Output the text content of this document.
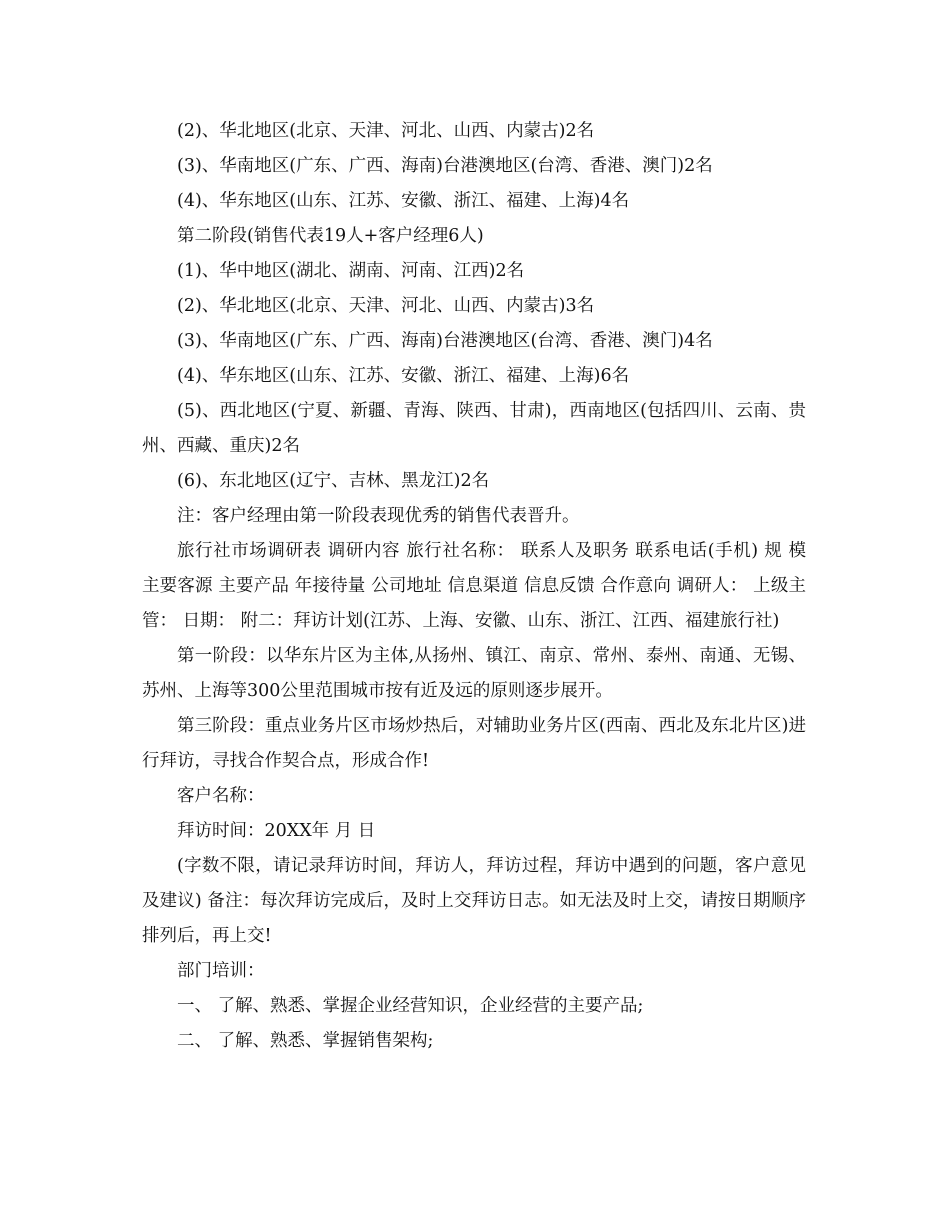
(2)、华北地区(北京、天津、河北、山西、内蒙古)2名

(3)、华南地区(广东、广西、海南)台港澳地区(台湾、香港、澳门)2名

(4)、华东地区(山东、江苏、安徽、浙江、福建、上海)4名

第二阶段(销售代表19人+客户经理6人)

(1)、华中地区(湖北、湖南、河南、江西)2名

(2)、华北地区(北京、天津、河北、山西、内蒙古)3名

(3)、华南地区(广东、广西、海南)台港澳地区(台湾、香港、澳门)4名

(4)、华东地区(山东、江苏、安徽、浙江、福建、上海)6名

(5)、西北地区(宁夏、新疆、青海、陕西、甘肃)，西南地区(包括四川、云南、贵州、西藏、重庆)2名

(6)、东北地区(辽宁、吉林、黑龙江)2名

注：客户经理由第一阶段表现优秀的销售代表晋升。

旅行社市场调研表 调研内容 旅行社名称： 联系人及职务 联系电话(手机) 规 模 主要客源 主要产品 年接待量 公司地址 信息渠道 信息反馈 合作意向 调研人： 上级主管： 日期： 附二：拜访计划(江苏、上海、安徽、山东、浙江、江西、福建旅行社)

第一阶段：以华东片区为主体,从扬州、镇江、南京、常州、泰州、南通、无锡、苏州、上海等300公里范围城市按有近及远的原则逐步展开。

第三阶段：重点业务片区市场炒热后，对辅助业务片区(西南、西北及东北片区)进行拜访，寻找合作契合点，形成合作!

客户名称：

拜访时间：20XX年 月 日

(字数不限，请记录拜访时间，拜访人，拜访过程，拜访中遇到的问题，客户意见及建议) 备注：每次拜访完成后，及时上交拜访日志。如无法及时上交，请按日期顺序排列后，再上交!

部门培训：

一、 了解、熟悉、掌握企业经营知识，企业经营的主要产品;

二、 了解、熟悉、掌握销售架构;
